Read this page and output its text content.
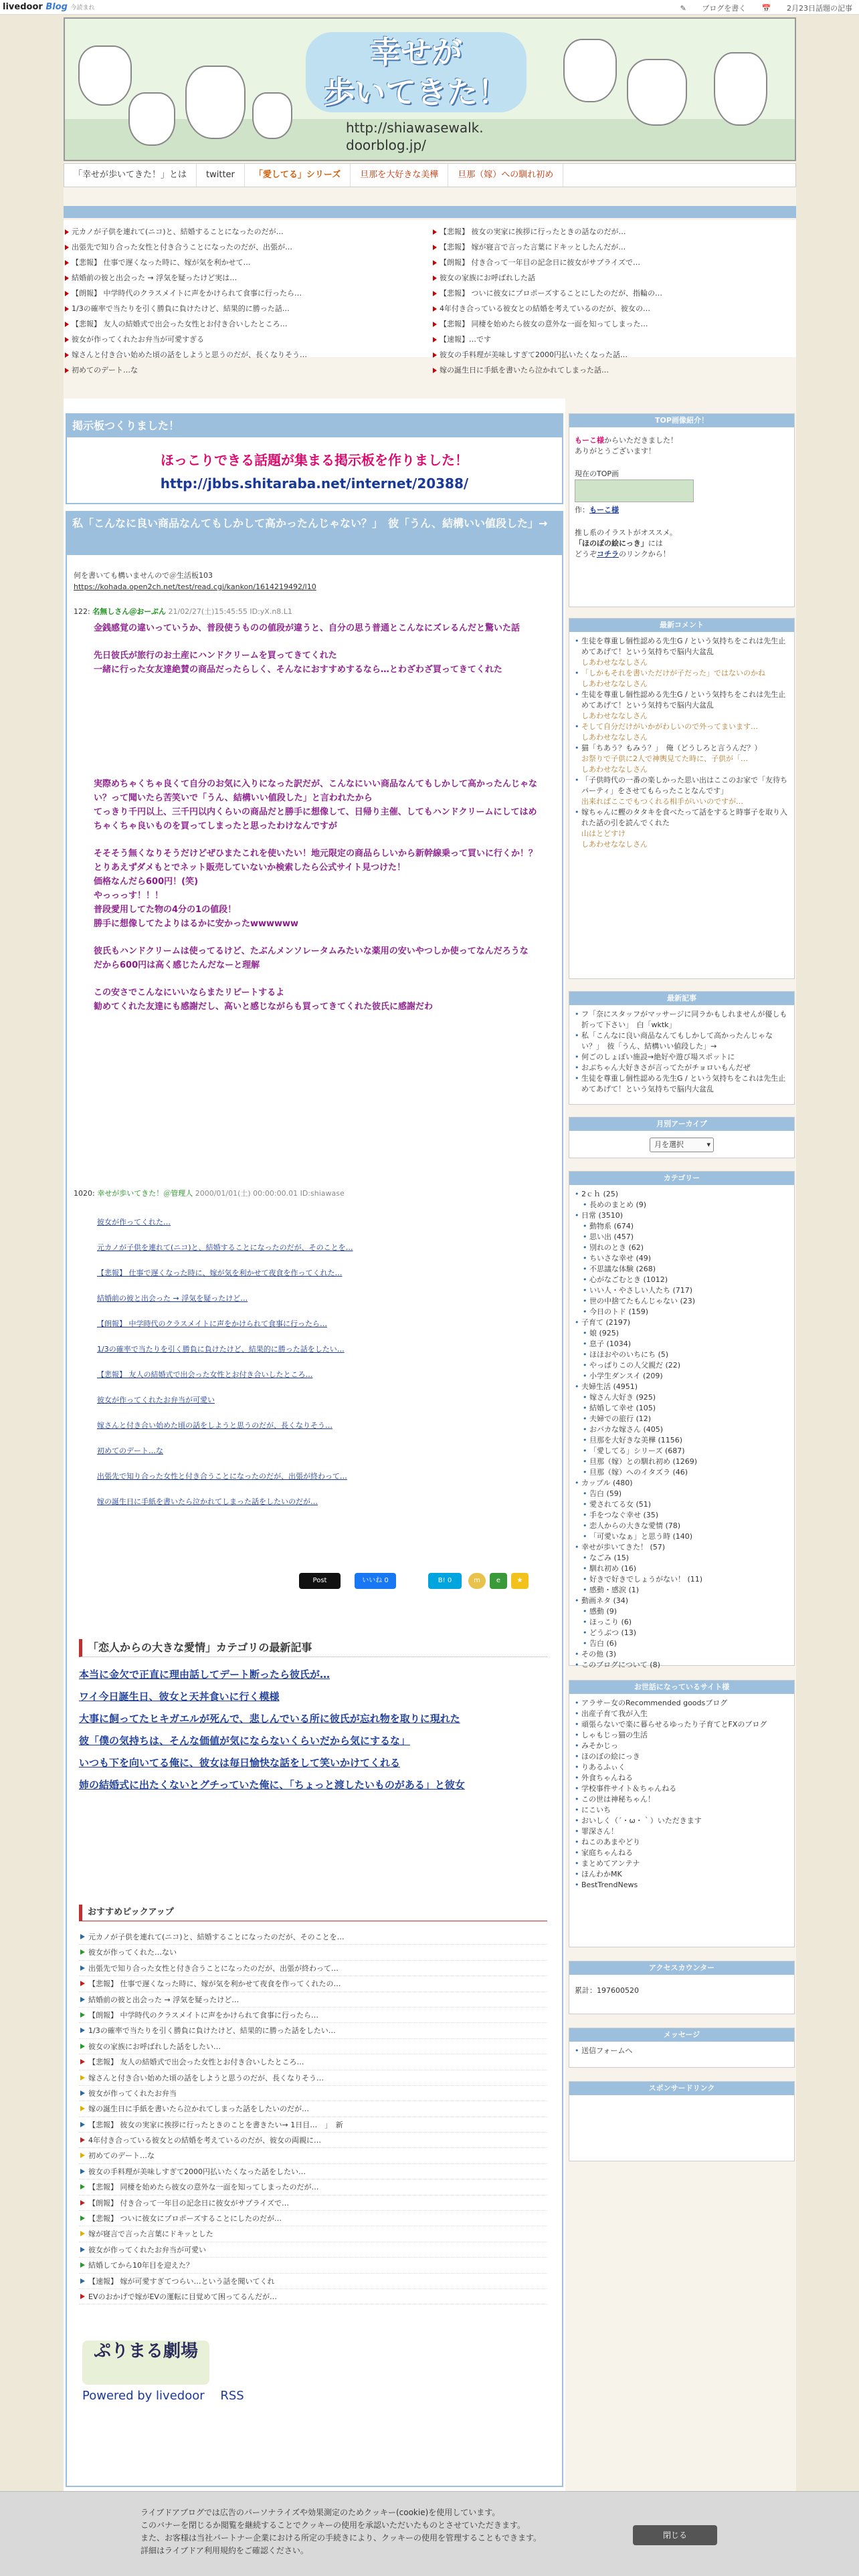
livedoor Blog 今読まれ	✎ ブログを書く 📅 2月23日話題の記事
幸せが
歩いてきた！
http://shiawasewalk.
doorblog.jp/
「幸せが歩いてきた！」とは	twitter	「愛してる」シリーズ	旦那を大好きな美樺	旦那（嫁）への馴れ初め
元カノが子供を連れて(ニコ)と、結婚することになったのだが…
出張先で知り合った女性と付き合うことになったのだが、出張が…
【悲報】 仕事で遅くなった時に、嫁が気を利かせて…
結婚前の彼と出会った → 浮気を疑ったけど実は…
【朗報】 中学時代のクラスメイトに声をかけられて食事に行ったら…
1/3の確率で当たりを引く勝負に負けたけど、結果的に勝った話…
【悲報】 友人の結婚式で出会った女性とお付き合いしたところ…
彼女が作ってくれたお弁当が可愛すぎる
嫁さんと付き合い始めた頃の話をしようと思うのだが、長くなりそう…
初めてのデート…な
【悲報】 彼女の実家に挨拶に行ったときの話なのだが…
【悲報】 嫁が寝言で言った言葉にドキッとしたんだが…
【朗報】 付き合って一年目の記念日に彼女がサプライズで…
彼女の家族にお呼ばれした話
【悲報】 ついに彼女にプロポーズすることにしたのだが、指輪の…
4年付き合っている彼女との結婚を考えているのだが、彼女の…
【悲報】 同棲を始めたら彼女の意外な一面を知ってしまった…
【速報】…です
彼女の手料理が美味しすぎて2000円払いたくなった話…
嫁の誕生日に手紙を書いたら泣かれてしまった話…
掲示板つくりました！
ほっこりできる話題が集まる掲示板を作りました！
http://jbbs.shitaraba.net/internet/20388/
私「こんなに良い商品なんてもしかして高かったんじゃない？」　彼「うん、結構いい値段した」→
何を書いても構いませんので＠生活板103
https://kohada.open2ch.net/test/read.cgi/kankon/1614219492/l10
122: 名無しさん＠おーぷん 21/02/27(土)15:45:55 ID:yX.n8.L1
金銭感覚の違いっていうか、普段使うものの値段が違うと、自分の思う普通とこんなにズレるんだと驚いた話
先日彼氏が旅行のお土産にハンドクリームを買ってきてくれた
一緒に行った女友達絶賛の商品だったらしく、そんなにおすすめするなら…とわざわざ買ってきてくれた
実際めちゃくちゃ良くて自分のお気に入りになった訳だが、こんなにいい商品なんてもしかして高かったんじゃない？って聞いたら苦笑いで「うん、結構いい値段した」と言われたから
てっきり千円以上、三千円以内くらいの商品だと勝手に想像して、日帰り主催、してもハンドクリームにしてはめちゃくちゃ良いものを買ってしまったと思ったわけなんですが
そそそう無くなりそうだけどぜひまたこれを使いたい！地元限定の商品らしいから新幹線乗って買いに行くか！？とりあえずダメもとでネット販売していないか検索したら公式サイト見つけた！
価格なんだら600円！(笑)
やっっっす！！！
普段愛用してた物の4分の1の値段！
勝手に想像してたよりはるかに安かったwwwwww
彼氏もハンドクリームは使ってるけど、たぶんメンソレータムみたいな薬用の安いやつしか使ってなんだろうな
だから600円は高く感じたんだなーと理解
この安さでこんなにいいならまたリピートするよ
勧めてくれた友達にも感謝だし、高いと感じながらも買ってきてくれた彼氏に感謝だわ
1020: 幸せが歩いてきた！＠管理人 2000/01/01(土) 00:00:00.01 ID:shiawase
彼女が作ってくれた…
元カノが子供を連れて(ニコ)と、結婚することになったのだが、そのことを…
【悲報】 仕事で遅くなった時に、嫁が気を利かせて夜食を作ってくれた…
結婚前の彼と出会った → 浮気を疑ったけど…
【朗報】 中学時代のクラスメイトに声をかけられて食事に行ったら…
1/3の確率で当たりを引く勝負に負けたけど、結果的に勝った話をしたい…
【悲報】 友人の結婚式で出会った女性とお付き合いしたところ…
彼女が作ってくれたお弁当が可愛い
嫁さんと付き合い始めた頃の話をしようと思うのだが、長くなりそう…
初めてのデート…な
出張先で知り合った女性と付き合うことになったのだが、出張が終わって…
嫁の誕生日に手紙を書いたら泣かれてしまった話をしたいのだが…
Post	いいね 0	B! 0	m	e	★
「恋人からの大きな愛情」カテゴリの最新記事
本当に金欠で正直に理由話してデート断ったら彼氏が…
ワイ今日誕生日、彼女と天丼食いに行く模様
大事に飼ってたヒキガエルが死んで、悲しんでいる所に彼氏が忘れ物を取りに現れた
彼「僕の気持ちは、そんな価値が気にならないくらいだから気にするな」
いつも下を向いてる俺に、彼女は毎日愉快な話をして笑いかけてくれる
姉の結婚式に出たくないとグチっていた俺に、「ちょっと渡したいものがある」と彼女
おすすめピックアップ
元カノが子供を連れて(ニコ)と、結婚することになったのだが、そのことを…
彼女が作ってくれた…ない
出張先で知り合った女性と付き合うことになったのだが、出張が終わって…
【悲報】 仕事で遅くなった時に、嫁が気を利かせて夜食を作ってくれたの…
結婚前の彼と出会った → 浮気を疑ったけど…
【朗報】 中学時代のクラスメイトに声をかけられて食事に行ったら…
1/3の確率で当たりを引く勝負に負けたけど、結果的に勝った話をしたい…
彼女の家族にお呼ばれした話をしたい…
【悲報】 友人の結婚式で出会った女性とお付き合いしたところ…
嫁さんと付き合い始めた頃の話をしようと思うのだが、長くなりそう…
彼女が作ってくれたお弁当
嫁の誕生日に手紙を書いたら泣かれてしまった話をしたいのだが…
【悲報】 彼女の実家に挨拶に行ったときのことを書きたい→ 1日目…　」　新
4年付き合っている彼女との結婚を考えているのだが、彼女の両親に…
初めてのデート…な
彼女の手料理が美味しすぎて2000円払いたくなった話をしたい…
【悲報】 同棲を始めたら彼女の意外な一面を知ってしまったのだが…
【朗報】 付き合って一年目の記念日に彼女がサプライズで…
【悲報】 ついに彼女にプロポーズすることにしたのだが…
嫁が寝言で言った言葉にドキッとした
彼女が作ってくれたお弁当が可愛い
結婚してから10年目を迎えた？
【速報】 嫁が可愛すぎてつらい…という話を聞いてくれ
EVのおかげで嫁がEVの運転に目覚めて困ってるんだが…
ぷりまる劇場
Powered by livedoor 　RSS
TOP画像紹介！
もーこ様からいただきました！
ありがとうございます！
現在のTOP画
作：もーこ様
推し系のイラストがオススメ。
「ほのぼの絵にっき」には
どうぞコチラのリンクから！
最新コメント
• 生徒を尊重し個性認める先生G / という気持ちをこれは先生止めてあげて！という気持ちで脳内大盆乱
しあわせななしさん
• 「しかもそれを書いただけが子だった」ではないのかね
しあわせななしさん
• 生徒を尊重し個性認める先生G / という気持ちをこれは先生止めてあげて！という気持ちで脳内大盆乱
しあわせななしさん
• そして自分だけがいかがわしいので外ってまいます…
しあわせななしさん
• 猫「ちあう？もみう？」　俺（どうしろと言うんだ？）
お祭りで子供に2人で神輿見てた時に、子供が「…
しあわせななしさん
• 「子供時代の一番の楽しかった思い出はここのお家で「友待ちパーティ」をさせてもらったことなんです」
出来ればここでもつくれる相手がいいのですが…
• 嫁ちゃんに鰹のタタキを食べたって話をすると時事子を取り入れた話の引を読んでくれた
山はとどすけ
しあわせななしさん
最新記事
• フ「奈にスタッフがマッサージに同ラかもしれませんが優しも折って下さい」　白「wktk」
• 私「こんなに良い商品なんてもしかして高かったんじゃない？」　彼「うん、結構いい値段した」→
• 何ごのしょぼい施設→絶好や遊び場スポットに
• おぶちゃん大好きさが言ってたがチョロいもんだぜ
• 生徒を尊重し個性認める先生G / という気持ちをこれは先生止めてあげて！という気持ちで脳内大盆乱
月別アーカイブ
月を選択	▾
カテゴリー
• 2ｃｈ (25)
• 長めのまとめ (9)
• 日常 (3510)
• 動物系 (674)
• 思い出 (457)
• 別れのとき (62)
• ちいさな幸せ (49)
• 不思議な体験 (268)
• 心がなごむとき (1012)
• いい人・やさしい人たち (717)
• 世の中捨てたもんじゃない (23)
• 今日のトド (159)
• 子育て (2197)
• 娘 (925)
• 息子 (1034)
• ほほおやのいちにち (5)
• やっぱりこの人父親だ (22)
• 小学生ダンスイ (209)
• 夫婦生活 (4951)
• 嫁さん大好き (925)
• 結婚して幸せ (105)
• 夫婦での旅行 (12)
• おバカな嫁さん (405)
• 旦那を大好きな美樺 (1156)
• 「愛してる」シリーズ (687)
• 旦那（嫁）との馴れ初め (1269)
• 旦那（嫁）へのイタズラ (46)
• カップル (480)
• 告白 (59)
• 愛されてる女 (51)
• 手をつなぐ幸せ (35)
• 恋人からの大きな愛情 (78)
• 「可愛いなぁ」と思う時 (140)
• 幸せが歩いてきた！ (57)
• なごみ (15)
• 馴れ初め (16)
• 好きで好きでしょうがない！ (11)
• 感動・感涙 (1)
• 動画ネタ (34)
• 感動 (9)
• ほっこり (6)
• どうぶつ (13)
• 告白 (6)
• その他 (3)
• このブログについて (8)
お世話になっているサイト様
• アラサー女のRecommended goodsブログ
• 出産子育て我が入生
• 頑張らないで楽に暮らせるゆったり子育てとFXのブログ
• しゃもじっ猫の生活
• みそかじっ
• ほのぼの絵にっき
• りあるふぃく
• 外食ちゃんねる
• 学校事件サイト＆ちゃんねる
• この世は神秘ちゃん！
• にこいち
• おいしく（´・ω・｀）いただきます
• 罪深さん！
• ねこのあまやどり
• 家庭ちゃんねる
• まとめてアンテナ
• ほんわかMK
• BestTrendNews
アクセスカウンター
累計：197600520
メッセージ
• 送信フォームへ
スポンサードリンク
ライブドアブログでは広告のパーソナライズや効果測定のためクッキー(cookie)を使用しています。
このバナーを閉じるか閲覧を継続することでクッキーの使用を承認いただいたものとさせていただきます。
また、お客様は当社パートナー企業における所定の手続きにより、クッキーの使用を管理することもできます。
詳細はライブドア利用規約をご確認ください。
閉じる
